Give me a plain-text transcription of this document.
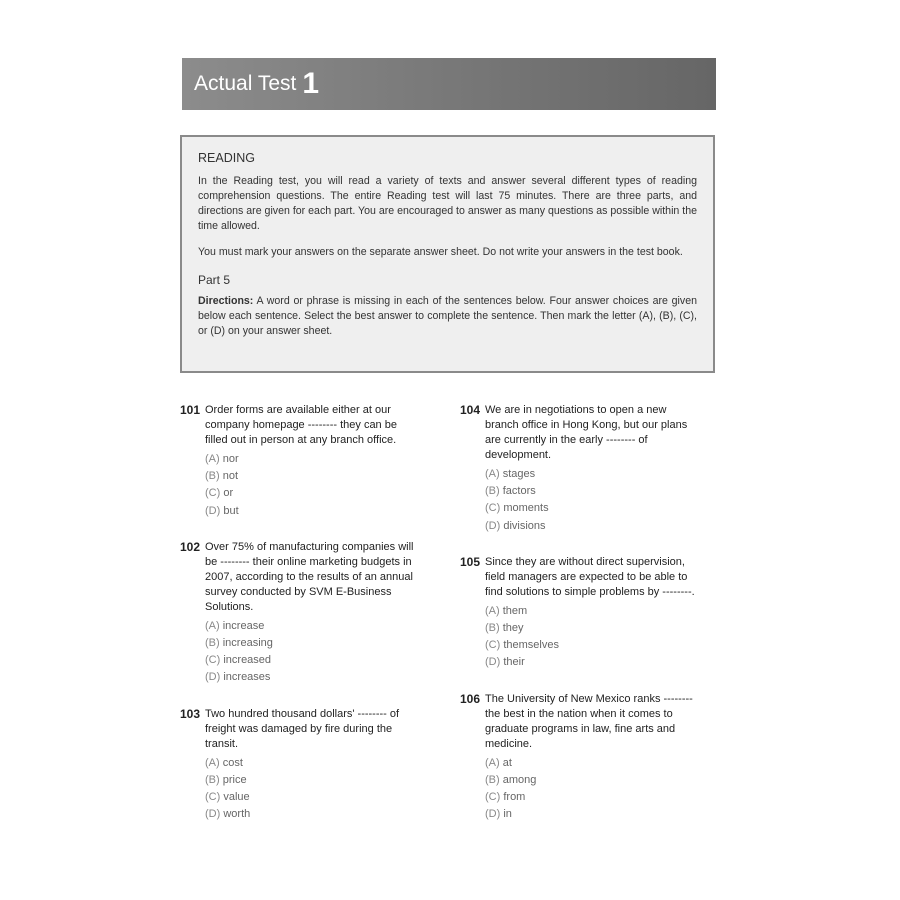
Actual Test 1
READING

In the Reading test, you will read a variety of texts and answer several different types of reading comprehension questions. The entire Reading test will last 75 minutes. There are three parts, and directions are given for each part. You are encouraged to answer as many questions as possible within the time allowed.

You must mark your answers on the separate answer sheet. Do not write your answers in the test book.

Part 5

Directions: A word or phrase is missing in each of the sentences below. Four answer choices are given below each sentence. Select the best answer to complete the sentence. Then mark the letter (A), (B), (C), or (D) on your answer sheet.

101 Order forms are available either at our company homepage -------- they can be filled out in person at any branch office.
(A) nor
(B) not
(C) or
(D) but
102 Over 75% of manufacturing companies will be -------- their online marketing budgets in 2007, according to the results of an annual survey conducted by SVM E-Business Solutions.
(A) increase
(B) increasing
(C) increased
(D) increases
103 Two hundred thousand dollars' -------- of freight was damaged by fire during the transit.
(A) cost
(B) price
(C) value
(D) worth
104 We are in negotiations to open a new branch office in Hong Kong, but our plans are currently in the early -------- of development.
(A) stages
(B) factors
(C) moments
(D) divisions
105 Since they are without direct supervision, field managers are expected to be able to find solutions to simple problems by --------.
(A) them
(B) they
(C) themselves
(D) their
106 The University of New Mexico ranks -------- the best in the nation when it comes to graduate programs in law, fine arts and medicine.
(A) at
(B) among
(C) from
(D) in
